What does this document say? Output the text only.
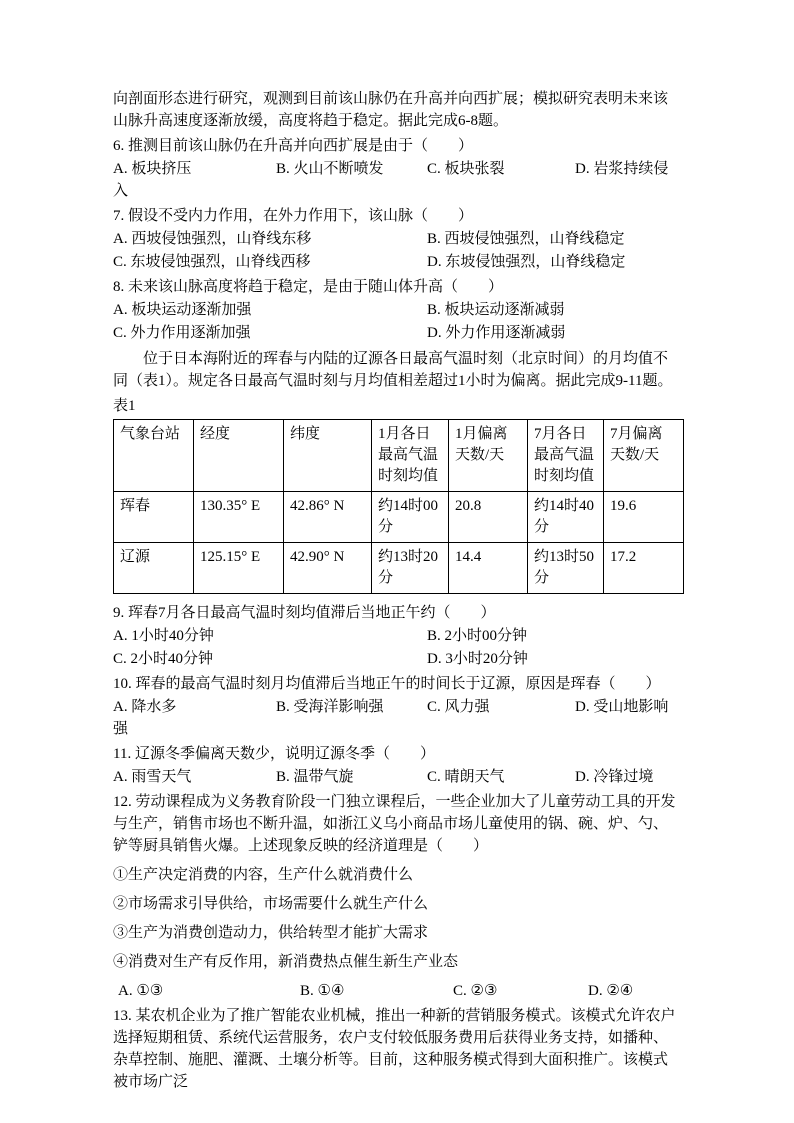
向剖面形态进行研究，观测到目前该山脉仍在升高并向西扩展；模拟研究表明未来该山脉升高速度逐渐放缓，高度将趋于稳定。据此完成6-8题。

6. 推测目前该山脉仍在升高并向西扩展是由于（　　）

A. 板块挤压	B. 火山不断喷发	C. 板块张裂	D. 岩浆持续侵入

7. 假设不受内力作用，在外力作用下，该山脉（　　）

A. 西坡侵蚀强烈，山脊线东移	B. 西坡侵蚀强烈，山脊线稳定

C. 东坡侵蚀强烈，山脊线西移	D. 东坡侵蚀强烈，山脊线稳定

8. 未来该山脉高度将趋于稳定，是由于随山体升高（　　）

A. 板块运动逐渐加强	B. 板块运动逐渐减弱

C. 外力作用逐渐加强	D. 外力作用逐渐减弱

位于日本海附近的珲春与内陆的辽源各日最高气温时刻（北京时间）的月均值不同（表1）。规定各日最高气温时刻与月均值相差超过1小时为偏离。据此完成9-11题。

表1

气象台站	经度	纬度	1月各日最高气温时刻均值	1月偏离天数/天	7月各日最高气温时刻均值	7月偏离天数/天
珲春	130.35° E	42.86° N	约14时00分	20.8	约14时40分	19.6
辽源	125.15° E	42.90° N	约13时20分	14.4	约13时50分	17.2

9. 珲春7月各日最高气温时刻均值滞后当地正午约（　　）

A. 1小时40分钟	B. 2小时00分钟

C. 2小时40分钟	D. 3小时20分钟

10. 珲春的最高气温时刻月均值滞后当地正午的时间长于辽源，原因是珲春（　　）

A. 降水多	B. 受海洋影响强	C. 风力强	D. 受山地影响强

11. 辽源冬季偏离天数少，说明辽源冬季（　　）

A. 雨雪天气	B. 温带气旋	C. 晴朗天气	D. 冷锋过境

12. 劳动课程成为义务教育阶段一门独立课程后，一些企业加大了儿童劳动工具的开发与生产，销售市场也不断升温，如浙江义乌小商品市场儿童使用的锅、碗、炉、勺、铲等厨具销售火爆。上述现象反映的经济道理是（　　）

①生产决定消费的内容，生产什么就消费什么

②市场需求引导供给，市场需要什么就生产什么

③生产为消费创造动力，供给转型才能扩大需求

④消费对生产有反作用，新消费热点催生新生产业态

A. ①③	B. ①④	C. ②③	D. ②④

13. 某农机企业为了推广智能农业机械，推出一种新的营销服务模式。该模式允许农户选择短期租赁、系统代运营服务，农户支付较低服务费用后获得业务支持，如播种、杂草控制、施肥、灌溉、土壤分析等。目前，这种服务模式得到大面积推广。该模式被市场广泛
